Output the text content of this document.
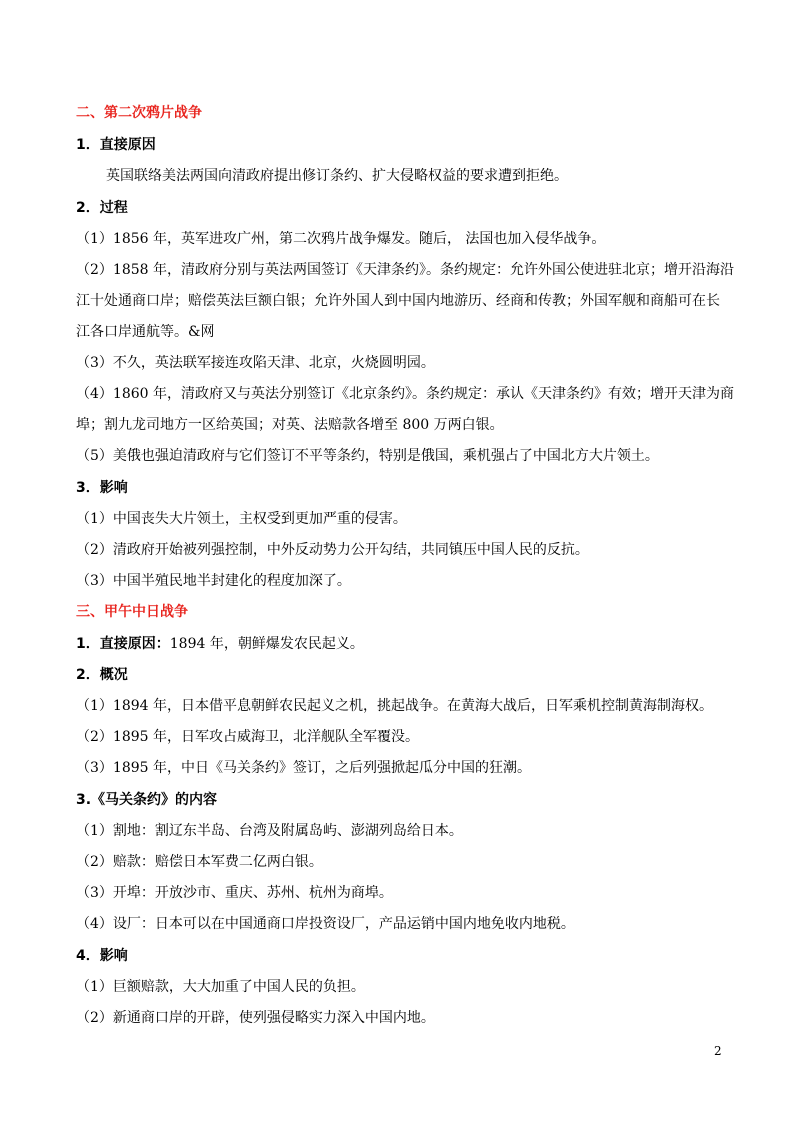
二、第二次鸦片战争
1．直接原因
英国联络美法两国向清政府提出修订条约、扩大侵略权益的要求遭到拒绝。
2．过程
（1）1856 年，英军进攻广州，第二次鸦片战争爆发。随后， 法国也加入侵华战争。
（2）1858 年，清政府分别与英法两国签订《天津条约》。条约规定：允许外国公使进驻北京；增开沿海沿
江十处通商口岸；赔偿英法巨额白银；允许外国人到中国内地游历、经商和传教；外国军舰和商船可在长
江各口岸通航等。&网
（3）不久，英法联军接连攻陷天津、北京，火烧圆明园。
（4）1860 年，清政府又与英法分别签订《北京条约》。条约规定：承认《天津条约》有效；增开天津为商
埠；割九龙司地方一区给英国；对英、法赔款各增至 800 万两白银。
（5）美俄也强迫清政府与它们签订不平等条约，特别是俄国，乘机强占了中国北方大片领土。
3．影响
（1）中国丧失大片领土，主权受到更加严重的侵害。
（2）清政府开始被列强控制，中外反动势力公开勾结，共同镇压中国人民的反抗。
（3）中国半殖民地半封建化的程度加深了。
三、甲午中日战争
1．直接原因：1894 年，朝鲜爆发农民起义。
2．概况
（1）1894 年，日本借平息朝鲜农民起义之机，挑起战争。在黄海大战后，日军乘机控制黄海制海权。
（2）1895 年，日军攻占威海卫，北洋舰队全军覆没。
（3）1895 年，中日《马关条约》签订，之后列强掀起瓜分中国的狂潮。
3.《马关条约》的内容
（1）割地：割辽东半岛、台湾及附属岛屿、澎湖列岛给日本。
（2）赔款：赔偿日本军费二亿两白银。
（3）开埠：开放沙市、重庆、苏州、杭州为商埠。
（4）设厂：日本可以在中国通商口岸投资设厂，产品运销中国内地免收内地税。
4．影响
（1）巨额赔款，大大加重了中国人民的负担。
（2）新通商口岸的开辟，使列强侵略实力深入中国内地。
2
